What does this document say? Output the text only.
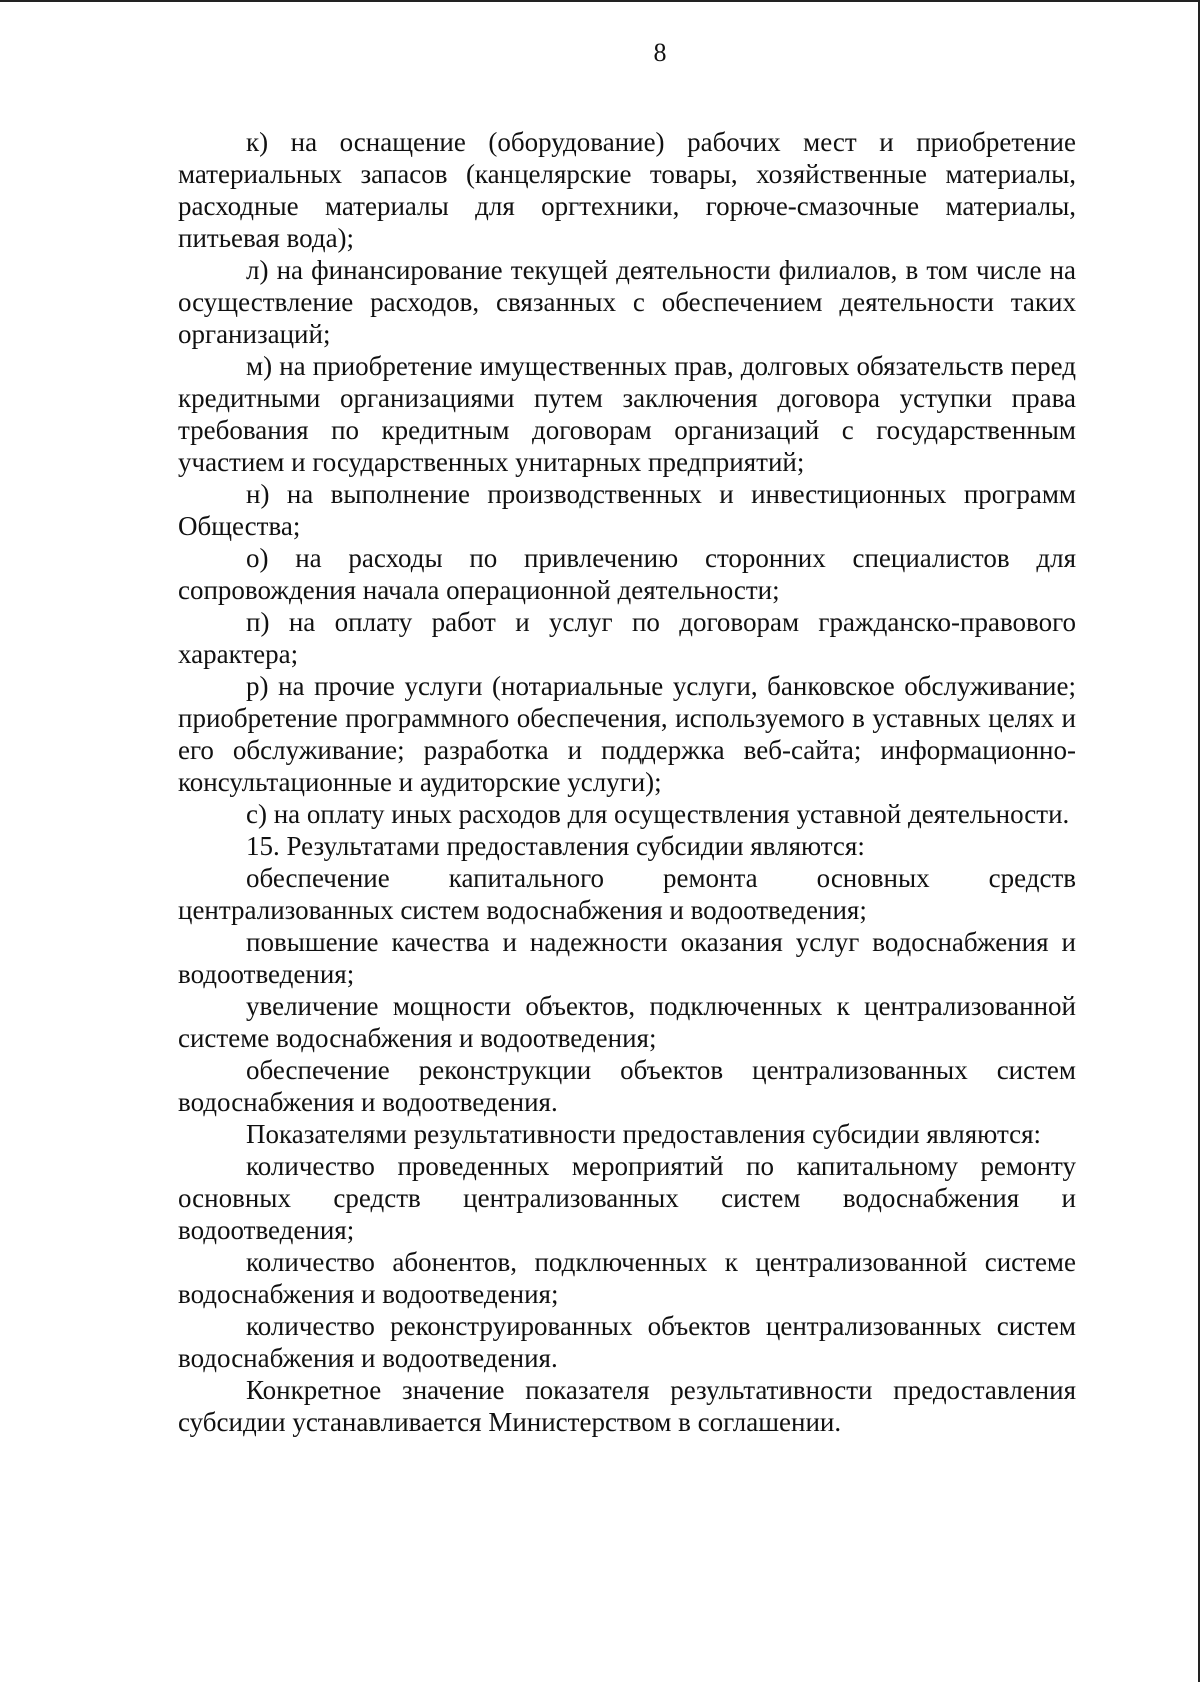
8

к) на оснащение (оборудование) рабочих мест и приобретение материальных запасов (канцелярские товары, хозяйственные материалы, расходные материалы для оргтехники, горюче-смазочные материалы, питьевая вода);

л) на финансирование текущей деятельности филиалов, в том числе на осуществление расходов, связанных с обеспечением деятельности таких организаций;

м) на приобретение имущественных прав, долговых обязательств перед кредитными организациями путем заключения договора уступки права требования по кредитным договорам организаций с государственным участием и государственных унитарных предприятий;

н) на выполнение производственных и инвестиционных программ Общества;

о) на расходы по привлечению сторонних специалистов для сопровождения начала операционной деятельности;

п) на оплату работ и услуг по договорам гражданско-правового характера;

р) на прочие услуги (нотариальные услуги, банковское обслуживание; приобретение программного обеспечения, используемого в уставных целях и его обслуживание; разработка и поддержка веб-сайта; информационно-консультационные и аудиторские услуги);

с) на оплату иных расходов для осуществления уставной деятельности.

15. Результатами предоставления субсидии являются:

обеспечение капитального ремонта основных средств централизованных систем водоснабжения и водоотведения;

повышение качества и надежности оказания услуг водоснабжения и водоотведения;

увеличение мощности объектов, подключенных к централизованной системе водоснабжения и водоотведения;

обеспечение реконструкции объектов централизованных систем водоснабжения и водоотведения.

Показателями результативности предоставления субсидии являются:

количество проведенных мероприятий по капитальному ремонту основных средств централизованных систем водоснабжения и водоотведения;

количество абонентов, подключенных к централизованной системе водоснабжения и водоотведения;

количество реконструированных объектов централизованных систем водоснабжения и водоотведения.

Конкретное значение показателя результативности предоставления субсидии устанавливается Министерством в соглашении.
